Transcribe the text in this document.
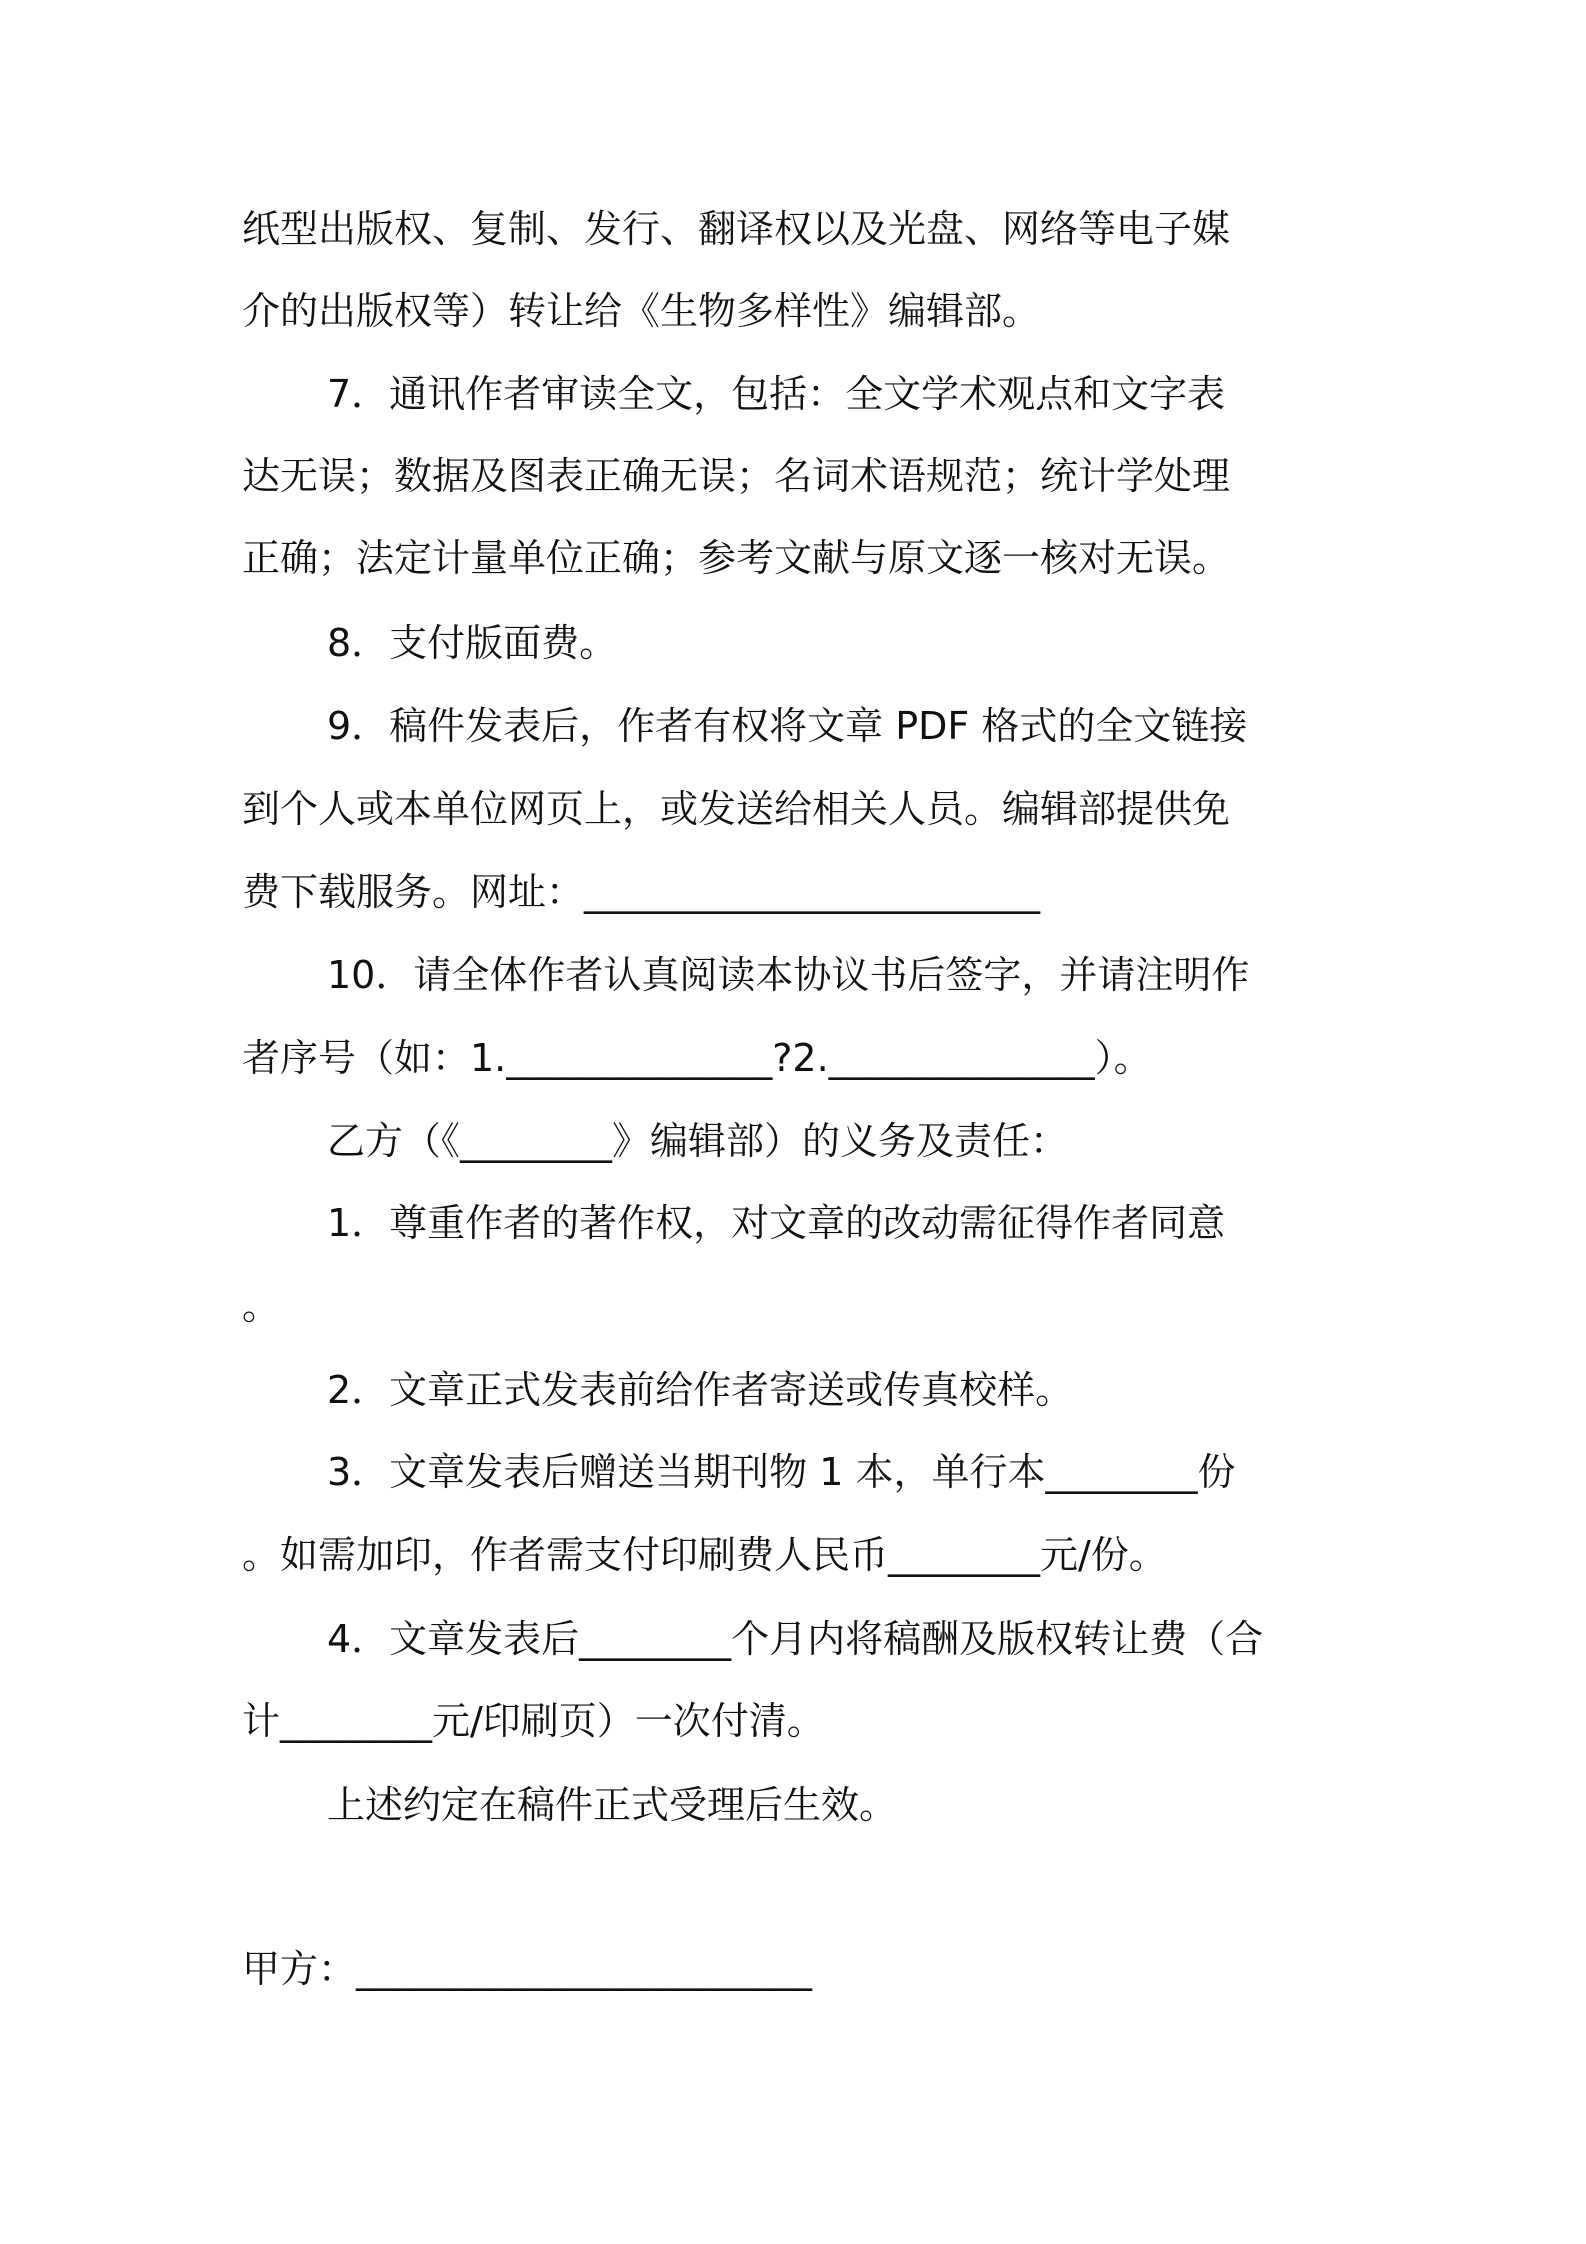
纸型出版权、复制、发行、翻译权以及光盘、网络等电子媒
介的出版权等）转让给《生物多样性》编辑部。
7．通讯作者审读全文，包括：全文学术观点和文字表
达无误；数据及图表正确无误；名词术语规范；统计学处理
正确；法定计量单位正确；参考文献与原文逐一核对无误。
8．支付版面费。
9．稿件发表后，作者有权将文章 PDF 格式的全文链接
到个人或本单位网页上，或发送给相关人员。编辑部提供免
费下载服务。网址：________________________
10．请全体作者认真阅读本协议书后签字，并请注明作
者序号（如：1.______________?2.______________）。
乙方（《________》编辑部）的义务及责任：
1．尊重作者的著作权，对文章的改动需征得作者同意
。
2．文章正式发表前给作者寄送或传真校样。
3．文章发表后赠送当期刊物 1 本，单行本________份
。如需加印，作者需支付印刷费人民币________元/份。
4．文章发表后________个月内将稿酬及版权转让费（合
计________元/印刷页）一次付清。
上述约定在稿件正式受理后生效。
甲方：________________________
